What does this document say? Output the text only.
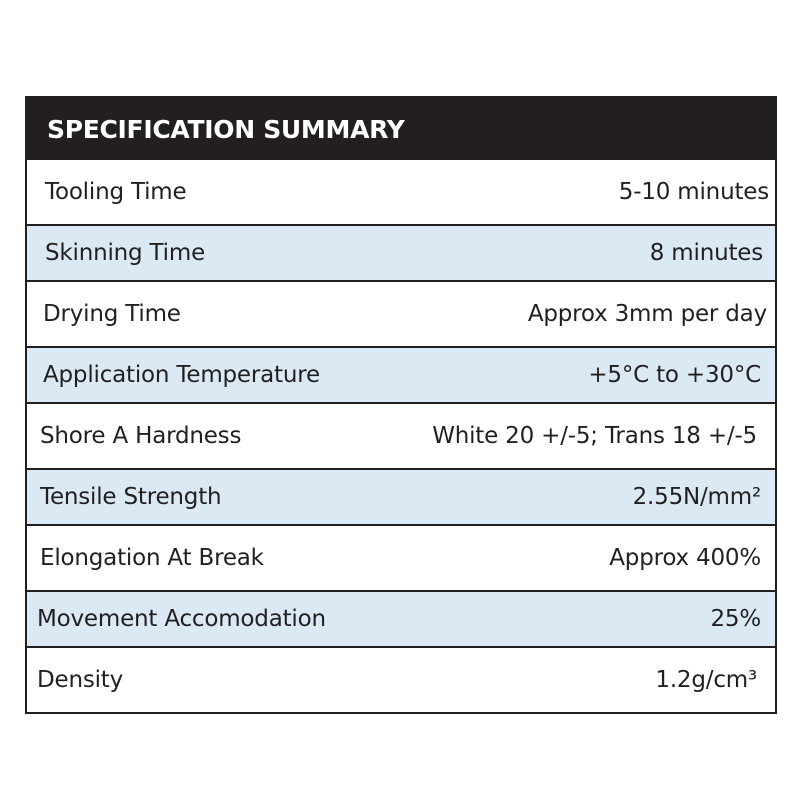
SPECIFICATION SUMMARY
Tooling Time	5-10 minutes
Skinning Time	8 minutes
Drying Time	Approx 3mm per day
Application Temperature	+5°C to +30°C
Shore A Hardness	White 20 +/-5; Trans 18 +/-5
Tensile Strength	2.55N/mm²
Elongation At Break	Approx 400%
Movement Accomodation	25%
Density	1.2g/cm³
